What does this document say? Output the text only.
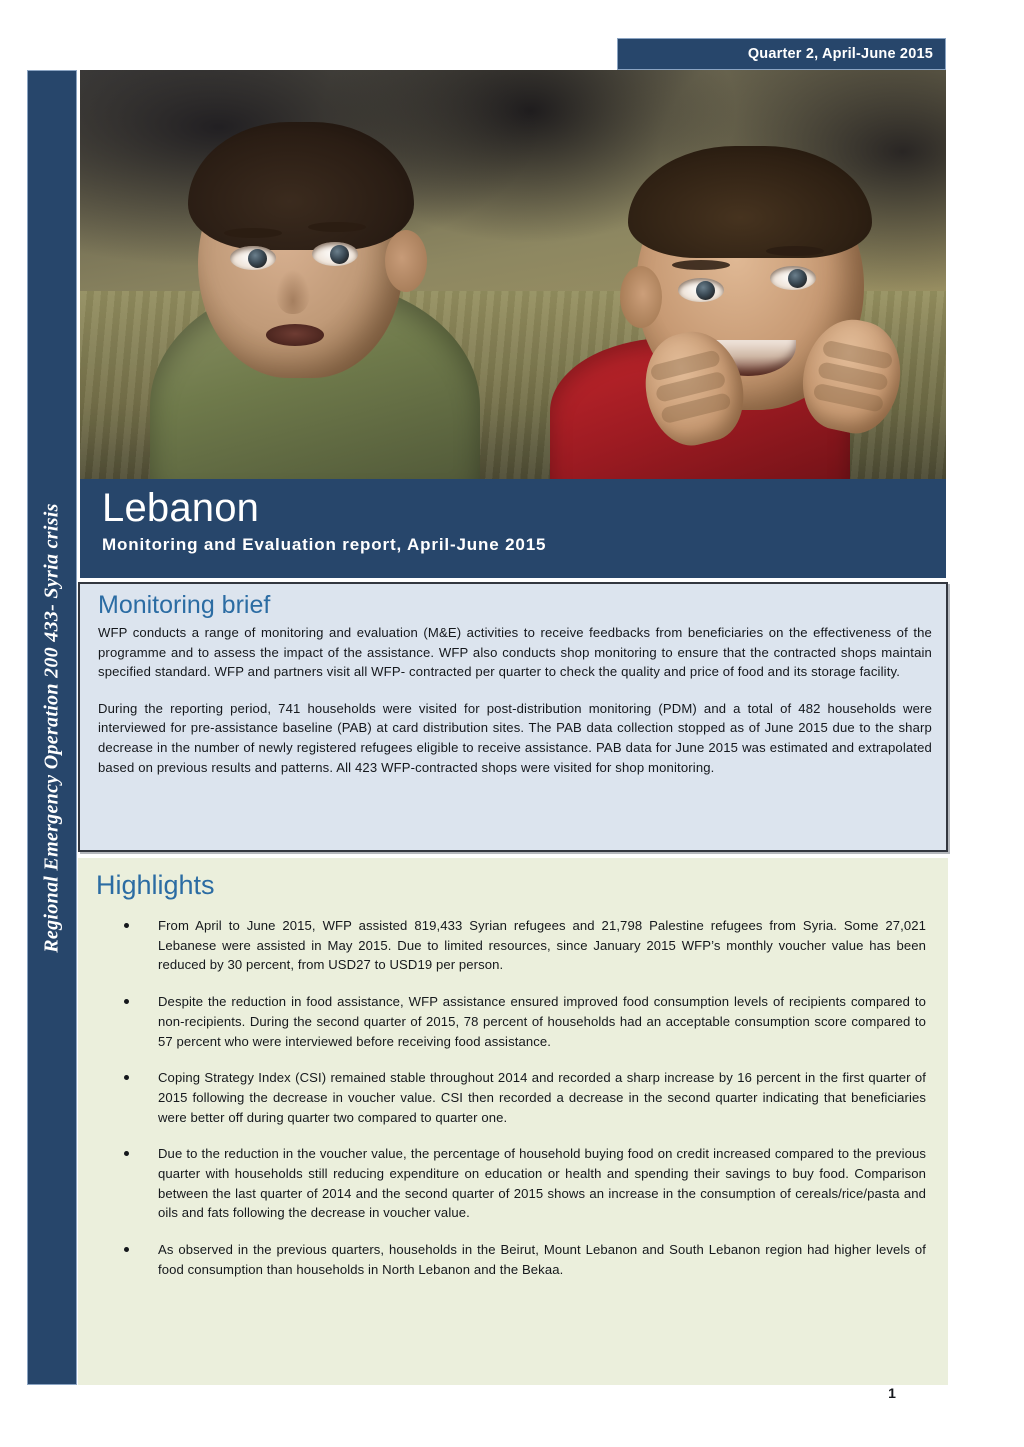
Quarter 2, April-June 2015
Regional Emergency Operation 200 433- Syria crisis Lebanon
Monitoring and Evaluation report, April-June 2015
Monitoring brief

WFP conducts a range of monitoring and evaluation (M&E) activities to receive feedbacks from beneficiaries on the effectiveness of the programme and to assess the impact of the assistance. WFP also conducts shop monitoring to ensure that the contracted shops maintain specified standard. WFP and partners visit all WFP- contracted per quarter to check the quality and price of food and its storage facility.

During the reporting period, 741 households were visited for post-distribution monitoring (PDM) and a total of 482 households were interviewed for pre-assistance baseline (PAB) at card distribution sites. The PAB data collection stopped as of June 2015 due to the sharp decrease in the number of newly registered refugees eligible to receive assistance. PAB data for June 2015 was estimated and extrapolated based on previous results and patterns. All 423 WFP-contracted shops were visited for shop monitoring.

Highlights
From April to June 2015, WFP assisted 819,433 Syrian refugees and 21,798 Palestine refugees from Syria. Some 27,021 Lebanese were assisted in May 2015. Due to limited resources, since January 2015 WFP’s monthly voucher value has been reduced by 30 percent, from USD27 to USD19 per person.
Despite the reduction in food assistance, WFP assistance ensured improved food consumption levels of recipients compared to non-recipients. During the second quarter of 2015, 78 percent of households had an acceptable consumption score compared to 57 percent who were interviewed before receiving food assistance.
Coping Strategy Index (CSI) remained stable throughout 2014 and recorded a sharp increase by 16 percent in the first quarter of 2015 following the decrease in voucher value. CSI then recorded a decrease in the second quarter indicating that beneficiaries were better off during quarter two compared to quarter one.
Due to the reduction in the voucher value, the percentage of household buying food on credit increased compared to the previous quarter with households still reducing expenditure on education or health and spending their savings to buy food. Comparison between the last quarter of 2014 and the second quarter of 2015 shows an increase in the consumption of cereals/rice/pasta and oils and fats following the decrease in voucher value.
As observed in the previous quarters, households in the Beirut, Mount Lebanon and South Lebanon region had higher levels of food consumption than households in North Lebanon and the Bekaa.
1
